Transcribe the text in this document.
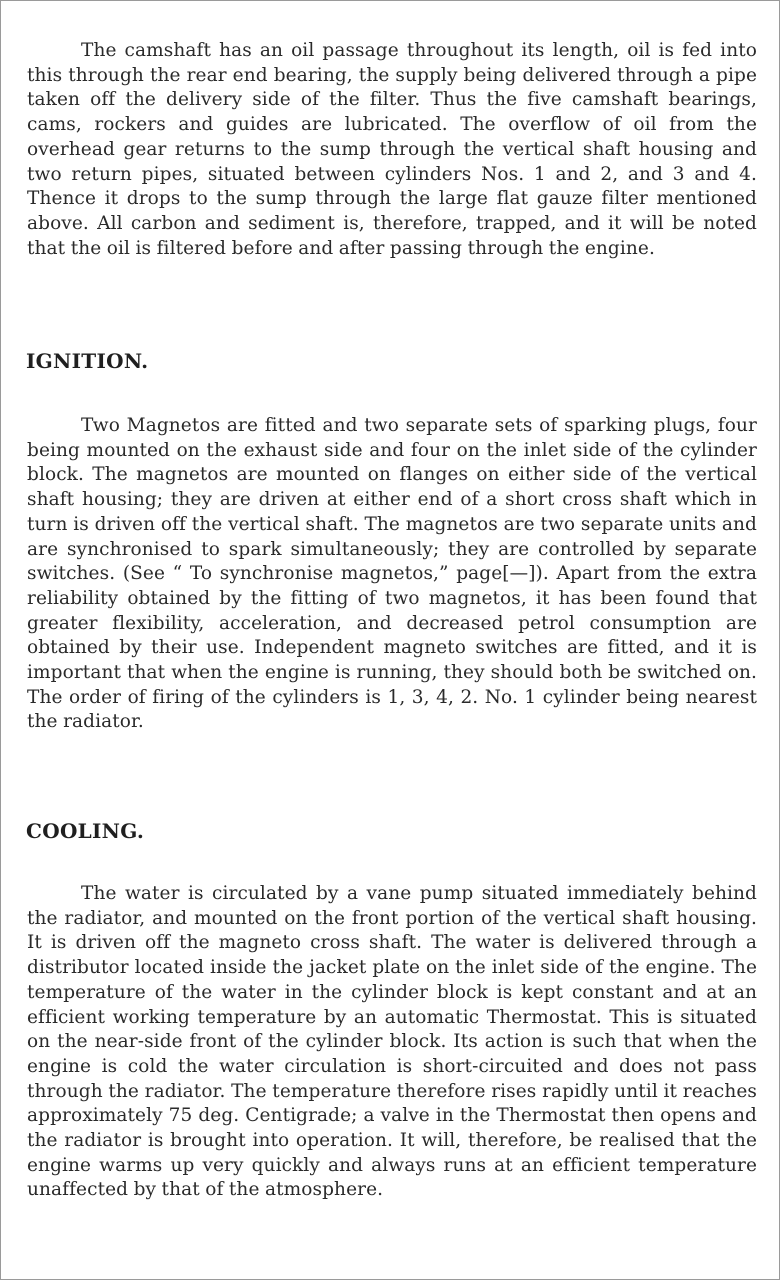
The camshaft has an oil passage throughout its length, oil is fed into this through the rear end bearing, the supply being delivered through a pipe taken off the delivery side of the filter. Thus the five camshaft bearings, cams, rockers and guides are lubricated. The overflow of oil from the overhead gear returns to the sump through the vertical shaft housing and two return pipes, situated between cylinders Nos. 1 and 2, and 3 and 4. Thence it drops to the sump through the large flat gauze filter mentioned above. All carbon and sediment is, therefore, trapped, and it will be noted that the oil is filtered before and after passing through the engine.

IGNITION.

Two Magnetos are fitted and two separate sets of sparking plugs, four being mounted on the exhaust side and four on the inlet side of the cylinder block. The magnetos are mounted on flanges on either side of the vertical shaft housing; they are driven at either end of a short cross shaft which in turn is driven off the vertical shaft. The magnetos are two separate units and are synchronised to spark simultaneously; they are controlled by separate switches. (See “ To synchronise magnetos,” page[—]). Apart from the extra reliability obtained by the fitting of two magnetos, it has been found that greater flexibility, acceleration, and decreased petrol consumption are obtained by their use. Independent magneto switches are fitted, and it is important that when the engine is running, they should both be switched on. The order of firing of the cylinders is 1, 3, 4, 2. No. 1 cylinder being nearest the radiator.

COOLING.

The water is circulated by a vane pump situated immediately behind the radiator, and mounted on the front portion of the vertical shaft housing. It is driven off the magneto cross shaft. The water is delivered through a distributor located inside the jacket plate on the inlet side of the engine. The temperature of the water in the cylinder block is kept constant and at an efficient working temperature by an automatic Thermostat. This is situated on the near-side front of the cylinder block. Its action is such that when the engine is cold the water circulation is short-circuited and does not pass through the radiator. The temperature therefore rises rapidly until it reaches approximately 75 deg. Centigrade; a valve in the Thermostat then opens and the radiator is brought into operation. It will, therefore, be realised that the engine warms up very quickly and always runs at an efficient temperature unaffected by that of the atmosphere.
